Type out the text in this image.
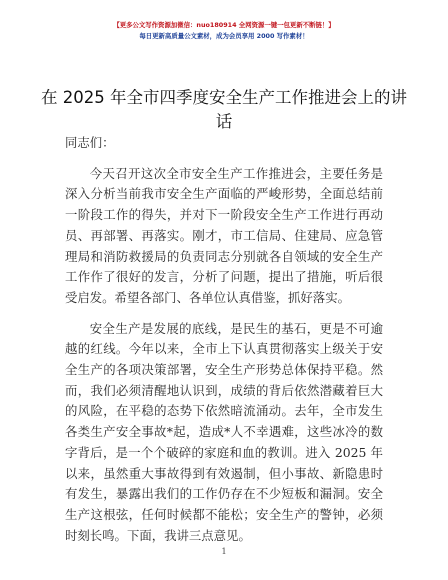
【更多公文写作资源加微信：nuo180914 全网资源一键一包更新不断链！】
每日更新高质量公文素材，成为会员享用 2000 写作素材！
在 2025 年全市四季度安全生产工作推进会上的讲话

同志们：

今天召开这次全市安全生产工作推进会，主要任务是深入分析当前我市安全生产面临的严峻形势，全面总结前一阶段工作的得失，并对下一阶段安全生产工作进行再动员、再部署、再落实。刚才，市工信局、住建局、应急管理局和消防救援局的负责同志分别就各自领域的安全生产工作作了很好的发言，分析了问题，提出了措施，听后很受启发。希望各部门、各单位认真借鉴，抓好落实。

安全生产是发展的底线，是民生的基石，更是不可逾越的红线。今年以来，全市上下认真贯彻落实上级关于安全生产的各项决策部署，安全生产形势总体保持平稳。然而，我们必须清醒地认识到，成绩的背后依然潜藏着巨大的风险，在平稳的态势下依然暗流涌动。去年，全市发生各类生产安全事故*起，造成*人不幸遇难，这些冰冷的数字背后，是一个个破碎的家庭和血的教训。进入 2025 年以来，虽然重大事故得到有效遏制，但小事故、新隐患时有发生，暴露出我们的工作仍存在不少短板和漏洞。安全生产这根弦，任何时候都不能松；安全生产的警钟，必须时刻长鸣。下面，我讲三点意见。

1
